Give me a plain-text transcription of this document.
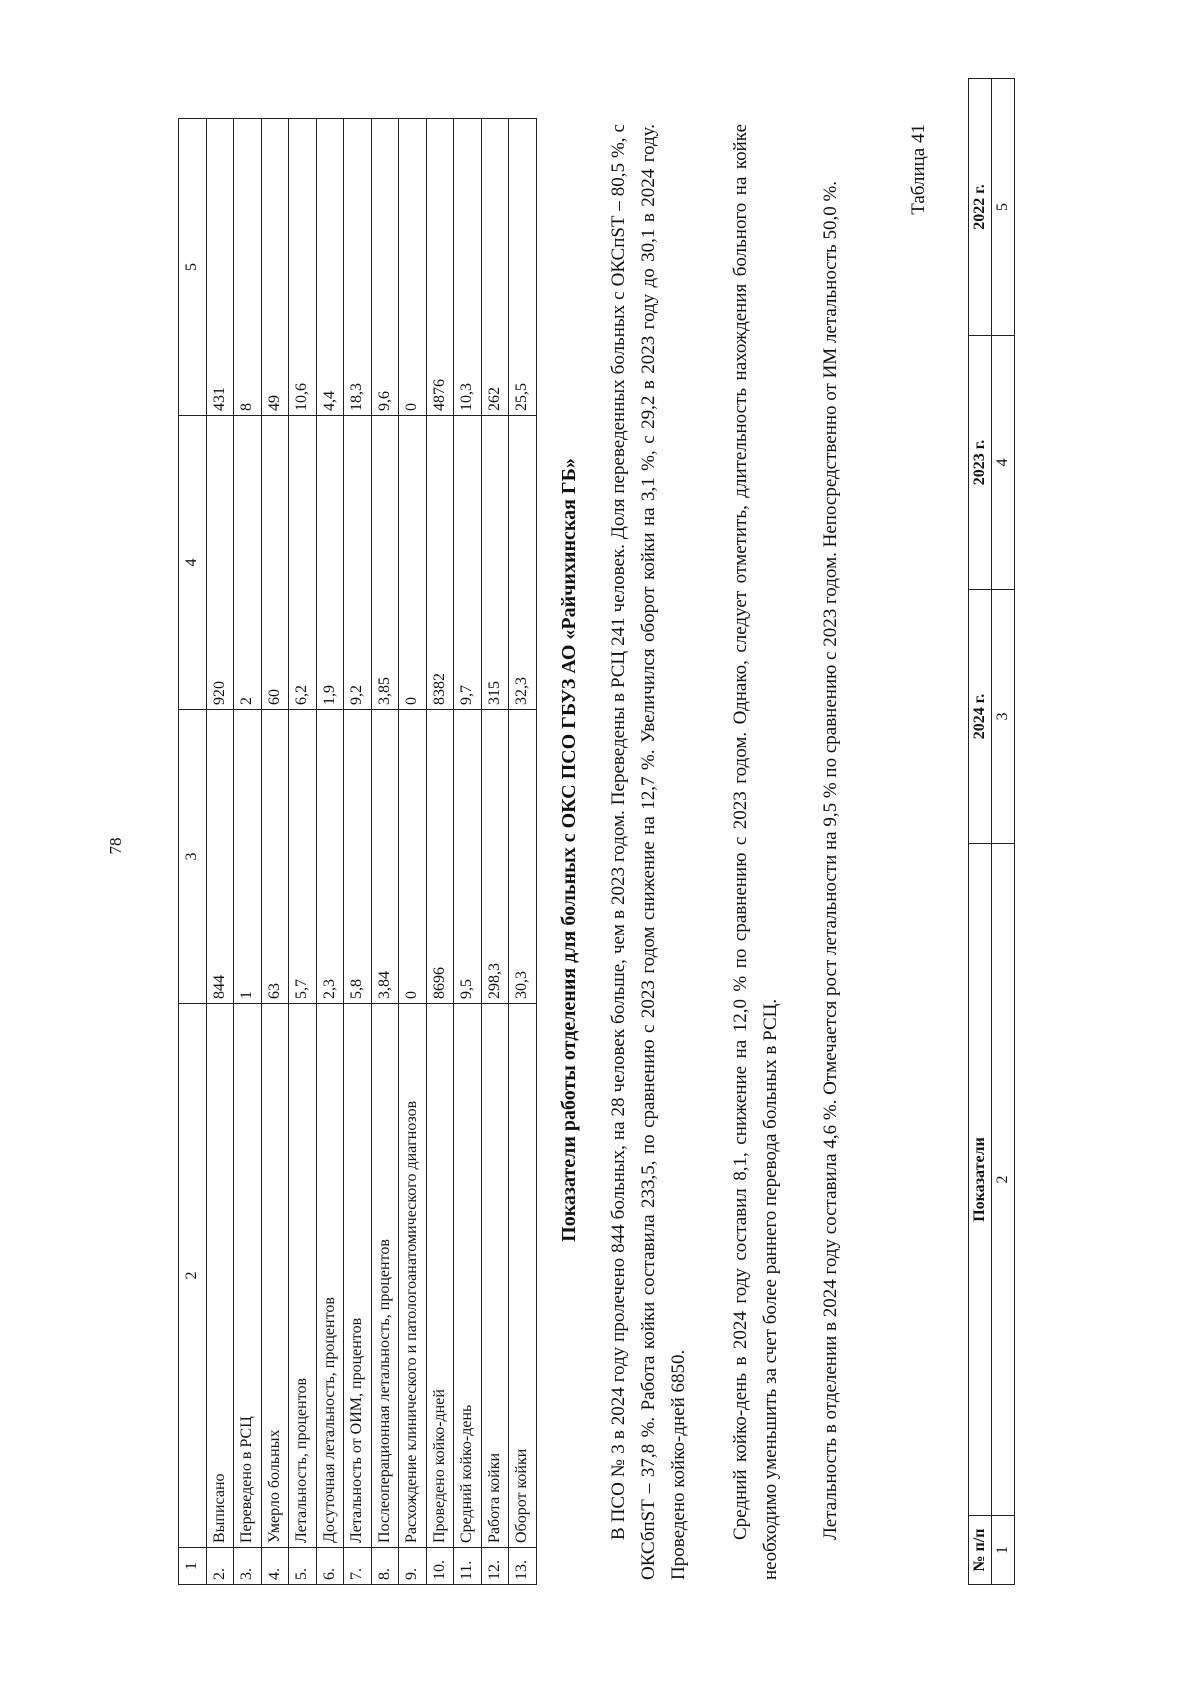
78
1	2	3	4	5
2.	Выписано	844	920	431
3.	Переведено в РСЦ	1	2	8
4.	Умерло больных	63	60	49
5.	Летальность, процентов	5,7	6,2	10,6
6.	Досуточная летальность, процентов	2,3	1,9	4,4
7.	Летальность от ОИМ, процентов	5,8	9,2	18,3
8.	Послеоперационная летальность, процентов	3,84	3,85	9,6
9.	Расхождение клинического и патологоанатомического диагнозов	0	0	0
10.	Проведено койко-дней	8696	8382	4876
11.	Средний койко-день	9,5	9,7	10,3
12.	Работа койки	298,3	315	262
13.	Оборот койки	30,3	32,3	25,5
Показатели работы отделения для больных с ОКС ПСО ГБУЗ АО «Райчихинская ГБ» В ПСО № 3 в 2024 году пролечено 844 больных, на 28 человек больше, чем в 2023 годом. Переведены в РСЦ 241 человек. Доля переведенных больных с ОКСпST – 80,5 %, с ОКСбпST – 37,8 %. Работа койки составила 233,5, по сравнению с 2023 годом снижение на 12,7 %. Увеличился оборот койки на 3,1 %, с 29,2 в 2023 году до 30,1 в 2024 году. Проведено койко-дней 6850. Средний койко-день в 2024 году составил 8,1, снижение на 12,0 % по сравнению с 2023 годом. Однако, следует отметить, длительность нахождения больного на койке необходимо уменьшить за счет более раннего перевода больных в РСЦ. Летальность в отделении в 2024 году составила 4,6 %. Отмечается рост летальности на 9,5 % по сравнению с 2023 годом. Непосредственно от ИМ летальность 50,0 %.

Таблица 41
№ п/п	Показатели	2024 г.	2023 г.	2022 г.
1	2	3	4	5
